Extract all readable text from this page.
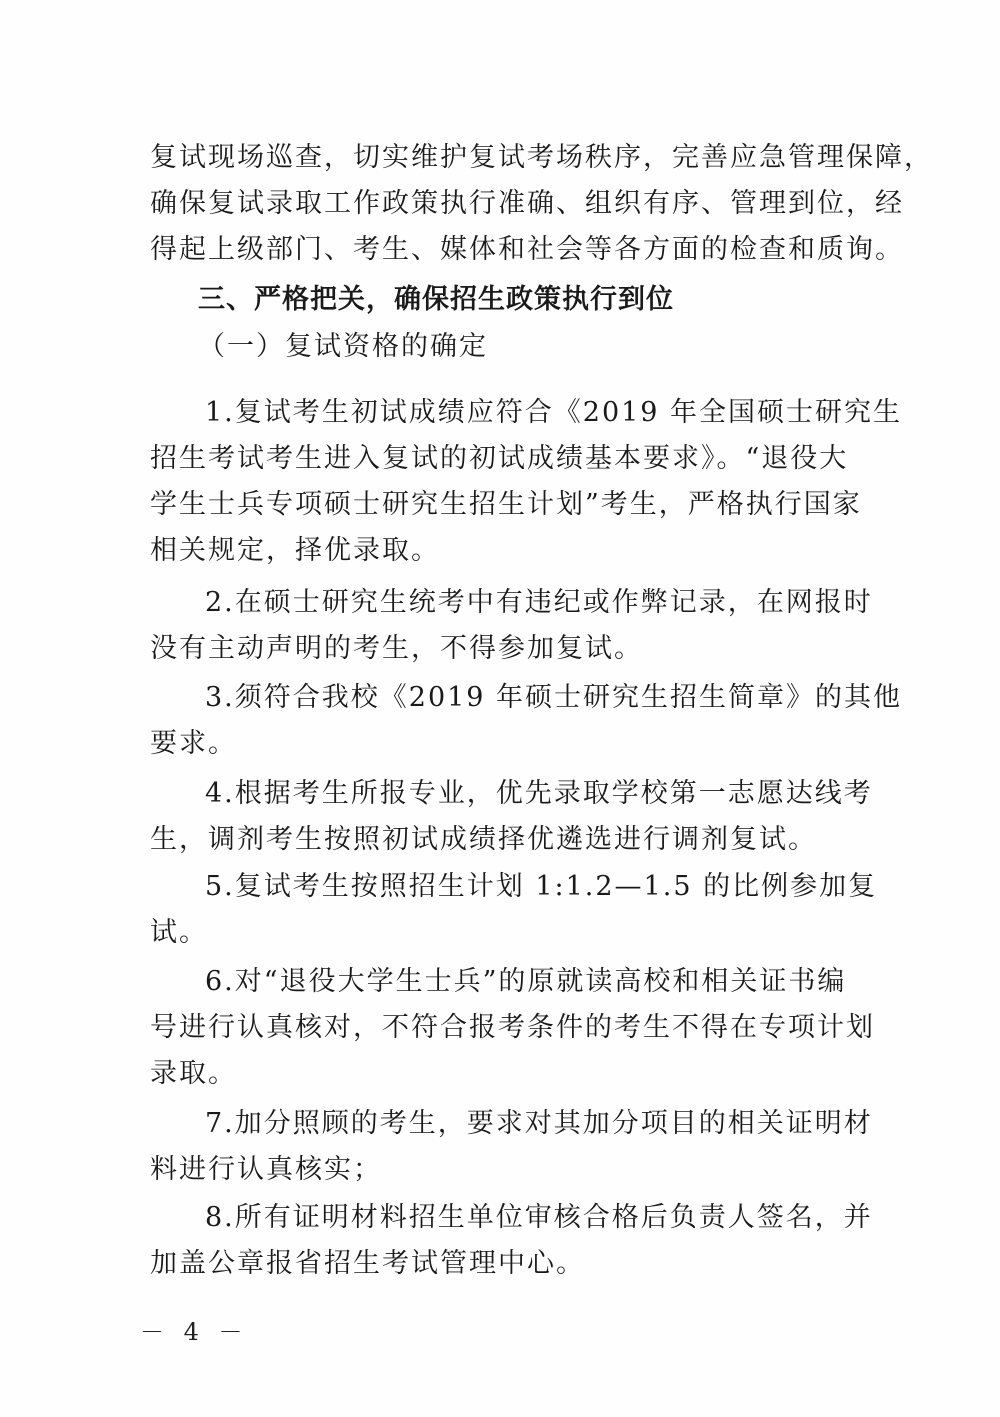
复试现场巡查，切实维护复试考场秩序，完善应急管理保障，
确保复试录取工作政策执行准确、组织有序、管理到位，经
得起上级部门、考生、媒体和社会等各方面的检查和质询。
三、严格把关，确保招生政策执行到位
（一）复试资格的确定
1.复试考生初试成绩应符合《2019 年全国硕士研究生
招生考试考生进入复试的初试成绩基本要求》。“退役大
学生士兵专项硕士研究生招生计划”考生，严格执行国家
相关规定，择优录取。
2.在硕士研究生统考中有违纪或作弊记录，在网报时
没有主动声明的考生，不得参加复试。
3.须符合我校《2019 年硕士研究生招生简章》的其他
要求。
4.根据考生所报专业，优先录取学校第一志愿达线考
生，调剂考生按照初试成绩择优遴选进行调剂复试。
5.复试考生按照招生计划 1:1.2—1.5 的比例参加复
试。
6.对“退役大学生士兵”的原就读高校和相关证书编
号进行认真核对，不符合报考条件的考生不得在专项计划
录取。
7.加分照顾的考生，要求对其加分项目的相关证明材
料进行认真核实；
8.所有证明材料招生单位审核合格后负责人签名，并
加盖公章报省招生考试管理中心。
－ 4 －
